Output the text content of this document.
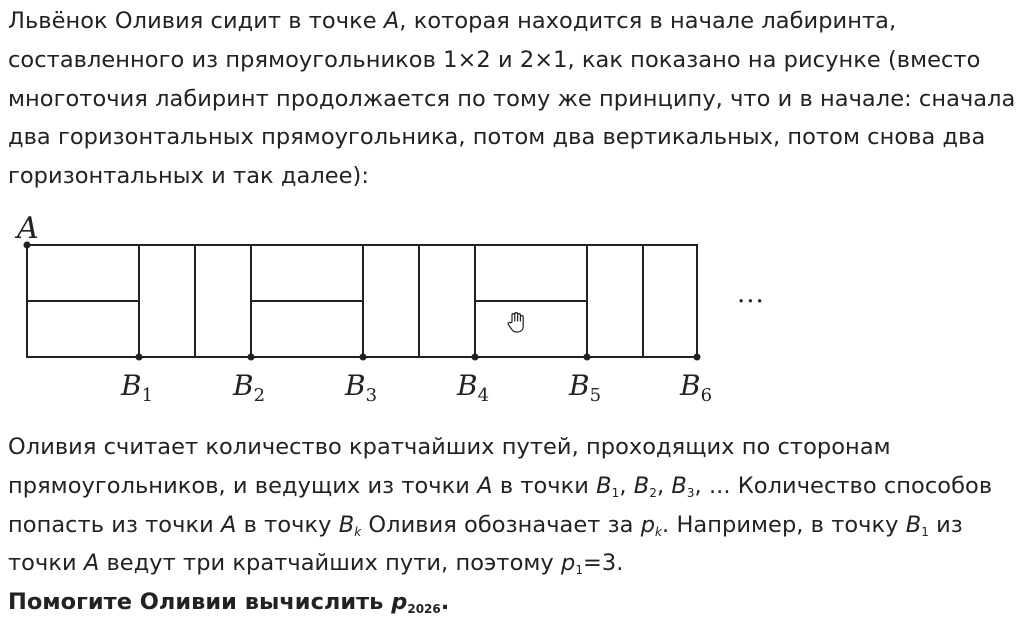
Львёнок Оливия сидит в точке A, которая находится в начале лабиринта, составленного из прямоугольников 1×2 и 2×1, как показано на рисунке (вместо многоточия лабиринт продолжается по тому же принципу, что и в начале: сначала два горизонтальных прямоугольника, потом два вертикальных, потом снова два горизонтальных и так далее):

A
...
$B_1$	$B_2$	$B_3$	$B_4$	$B_5$	$B_6$

Оливия считает количество кратчайших путей, проходящих по сторонам прямоугольников, и ведущих из точки A в точки $B_1$, $B_2$, $B_3$, ... Количество способов попасть из точки A в точку $B_k$ Оливия обозначает за $p_k$. Например, в точку $B_1$ из точки A ведут три кратчайших пути, поэтому $p_1=3$.

Помогите Оливии вычислить $p_{2026}$.
